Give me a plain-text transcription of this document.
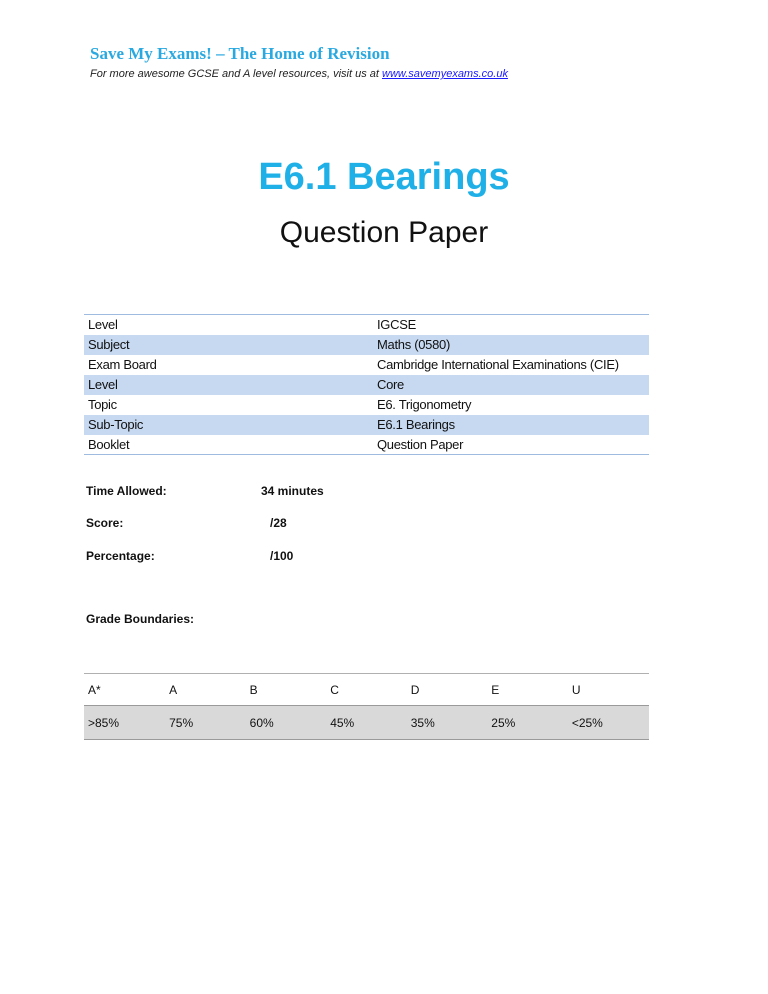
Save My Exams! – The Home of Revision
For more awesome GCSE and A level resources, visit us at www.savemyexams.co.uk
E6.1 Bearings
Question Paper
Level	IGCSE
Subject	Maths (0580)
Exam Board	Cambridge International Examinations (CIE)
Level	Core
Topic	E6. Trigonometry
Sub-Topic	E6.1 Bearings
Booklet	Question Paper
Time Allowed:	34 minutes
Score:	/28
Percentage:	/100
Grade Boundaries:
A*	A	B	C	D	E	U
>85%	75%	60%	45%	35%	25%	<25%
